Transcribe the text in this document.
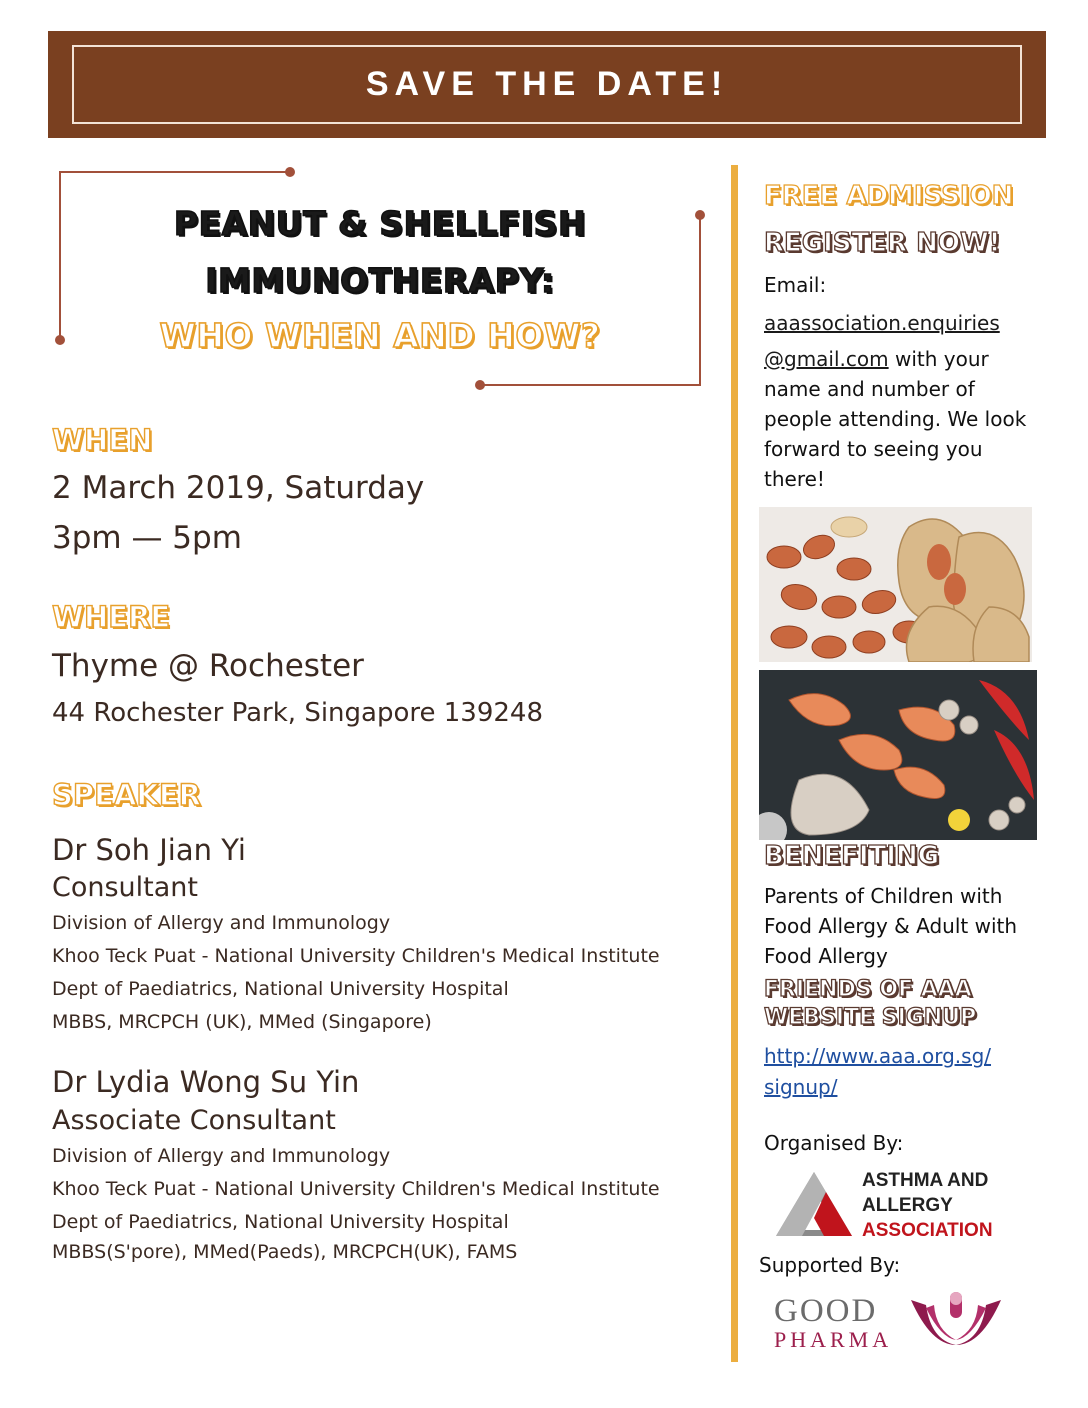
SAVE THE DATE!
PEANUT & SHELLFISH
IMMUNOTHERAPY:
WHO WHEN AND HOW?
WHEN
2 March 2019, Saturday
3pm — 5pm
WHERE
Thyme @ Rochester
44 Rochester Park, Singapore 139248
SPEAKER
Dr Soh Jian Yi
Consultant
Division of Allergy and Immunology
Khoo Teck Puat - National University Children's Medical Institute
Dept of Paediatrics, National University Hospital
MBBS, MRCPCH (UK), MMed (Singapore)
Dr Lydia Wong Su Yin
Associate Consultant
Division of Allergy and Immunology
Khoo Teck Puat - National University Children's Medical Institute
Dept of Paediatrics, National University Hospital
MBBS(S'pore), MMed(Paeds), MRCPCH(UK), FAMS
FREE ADMISSION
REGISTER NOW!
Email:
aaassociation.enquiries
@gmail.com with your name and number of people attending. We look forward to seeing you there!
BENEFITING
Parents of Children with Food Allergy & Adult with Food Allergy
FRIENDS OF AAA
WEBSITE SIGNUP
http://www.aaa.org.sg/
signup/
Organised By:
ASTHMA AND
ALLERGY
ASSOCIATION
Supported By:
GOOD
PHARMA
